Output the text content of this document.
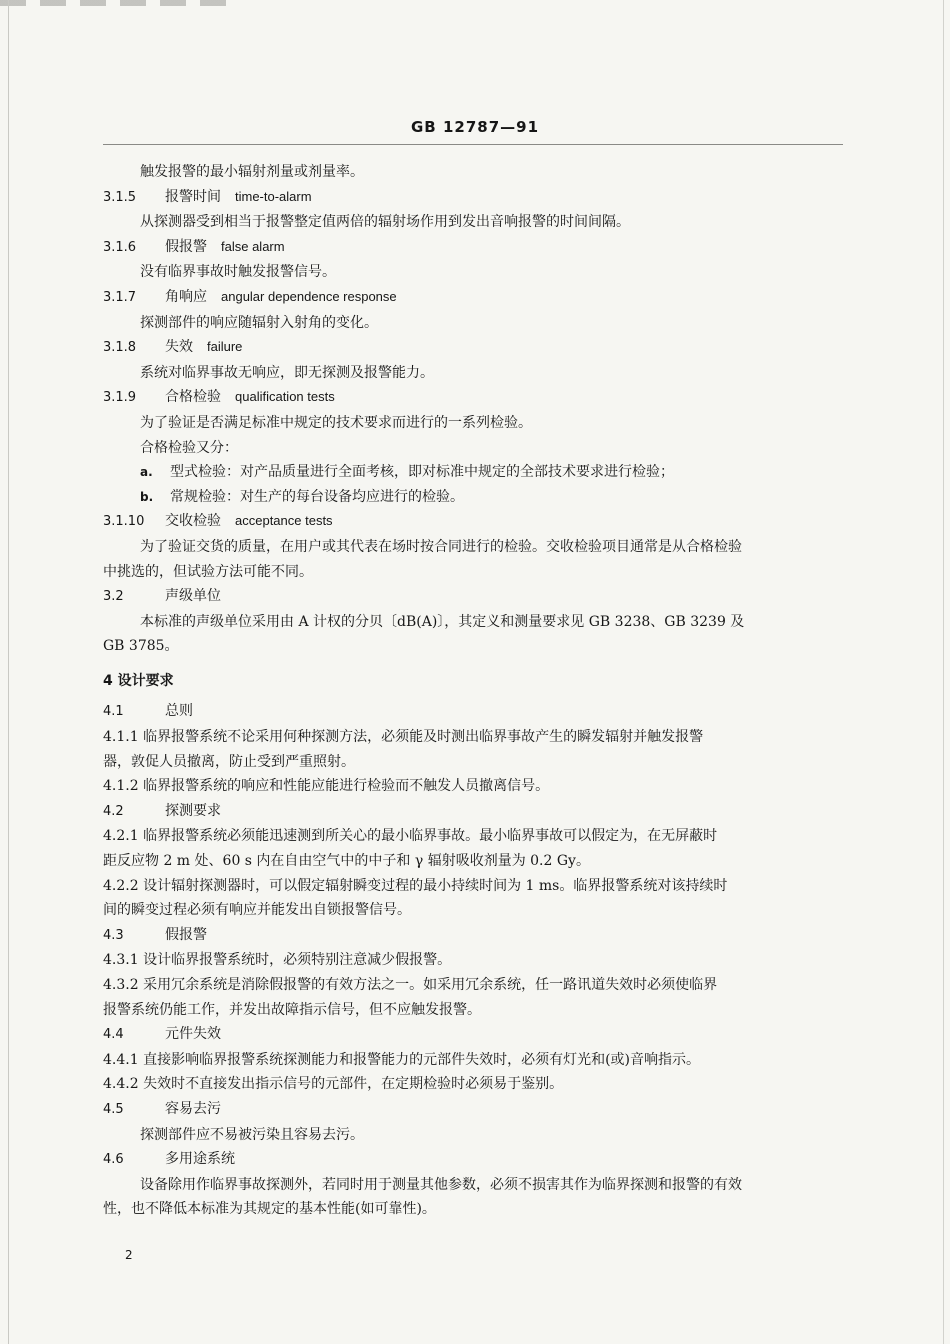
GB 12787—91
触发报警的最小辐射剂量或剂量率。
3.1.5 报警时间 time-to-alarm
从探测器受到相当于报警整定值两倍的辐射场作用到发出音响报警的时间间隔。
3.1.6 假报警 false alarm
没有临界事故时触发报警信号。
3.1.7 角响应 angular dependence response
探测部件的响应随辐射入射角的变化。
3.1.8 失效 failure
系统对临界事故无响应，即无探测及报警能力。
3.1.9 合格检验 qualification tests
为了验证是否满足标准中规定的技术要求而进行的一系列检验。
合格检验又分：
a. 型式检验：对产品质量进行全面考核，即对标准中规定的全部技术要求进行检验；
b. 常规检验：对生产的每台设备均应进行的检验。
3.1.10 交收检验 acceptance tests
为了验证交货的质量，在用户或其代表在场时按合同进行的检验。交收检验项目通常是从合格检验
中挑选的，但试验方法可能不同。
3.2	声级单位
本标准的声级单位采用由 A 计权的分贝〔dB(A)〕，其定义和测量要求见 GB 3238、GB 3239 及
GB 3785。
4 设计要求
4.1	总则
4.1.1 临界报警系统不论采用何种探测方法，必须能及时测出临界事故产生的瞬发辐射并触发报警
器，敦促人员撤离，防止受到严重照射。
4.1.2 临界报警系统的响应和性能应能进行检验而不触发人员撤离信号。
4.2	探测要求
4.2.1 临界报警系统必须能迅速测到所关心的最小临界事故。最小临界事故可以假定为，在无屏蔽时
距反应物 2 m 处、60 s 内在自由空气中的中子和 γ 辐射吸收剂量为 0.2 Gy。
4.2.2 设计辐射探测器时，可以假定辐射瞬变过程的最小持续时间为 1 ms。临界报警系统对该持续时
间的瞬变过程必须有响应并能发出自锁报警信号。
4.3	假报警
4.3.1 设计临界报警系统时，必须特别注意减少假报警。
4.3.2 采用冗余系统是消除假报警的有效方法之一。如采用冗余系统，任一路讯道失效时必须使临界
报警系统仍能工作，并发出故障指示信号，但不应触发报警。
4.4	元件失效
4.4.1 直接影响临界报警系统探测能力和报警能力的元部件失效时，必须有灯光和(或)音响指示。
4.4.2 失效时不直接发出指示信号的元部件，在定期检验时必须易于鉴别。
4.5	容易去污
探测部件应不易被污染且容易去污。
4.6	多用途系统
设备除用作临界事故探测外，若同时用于测量其他参数，必须不损害其作为临界探测和报警的有效
性，也不降低本标准为其规定的基本性能(如可靠性)。
2
